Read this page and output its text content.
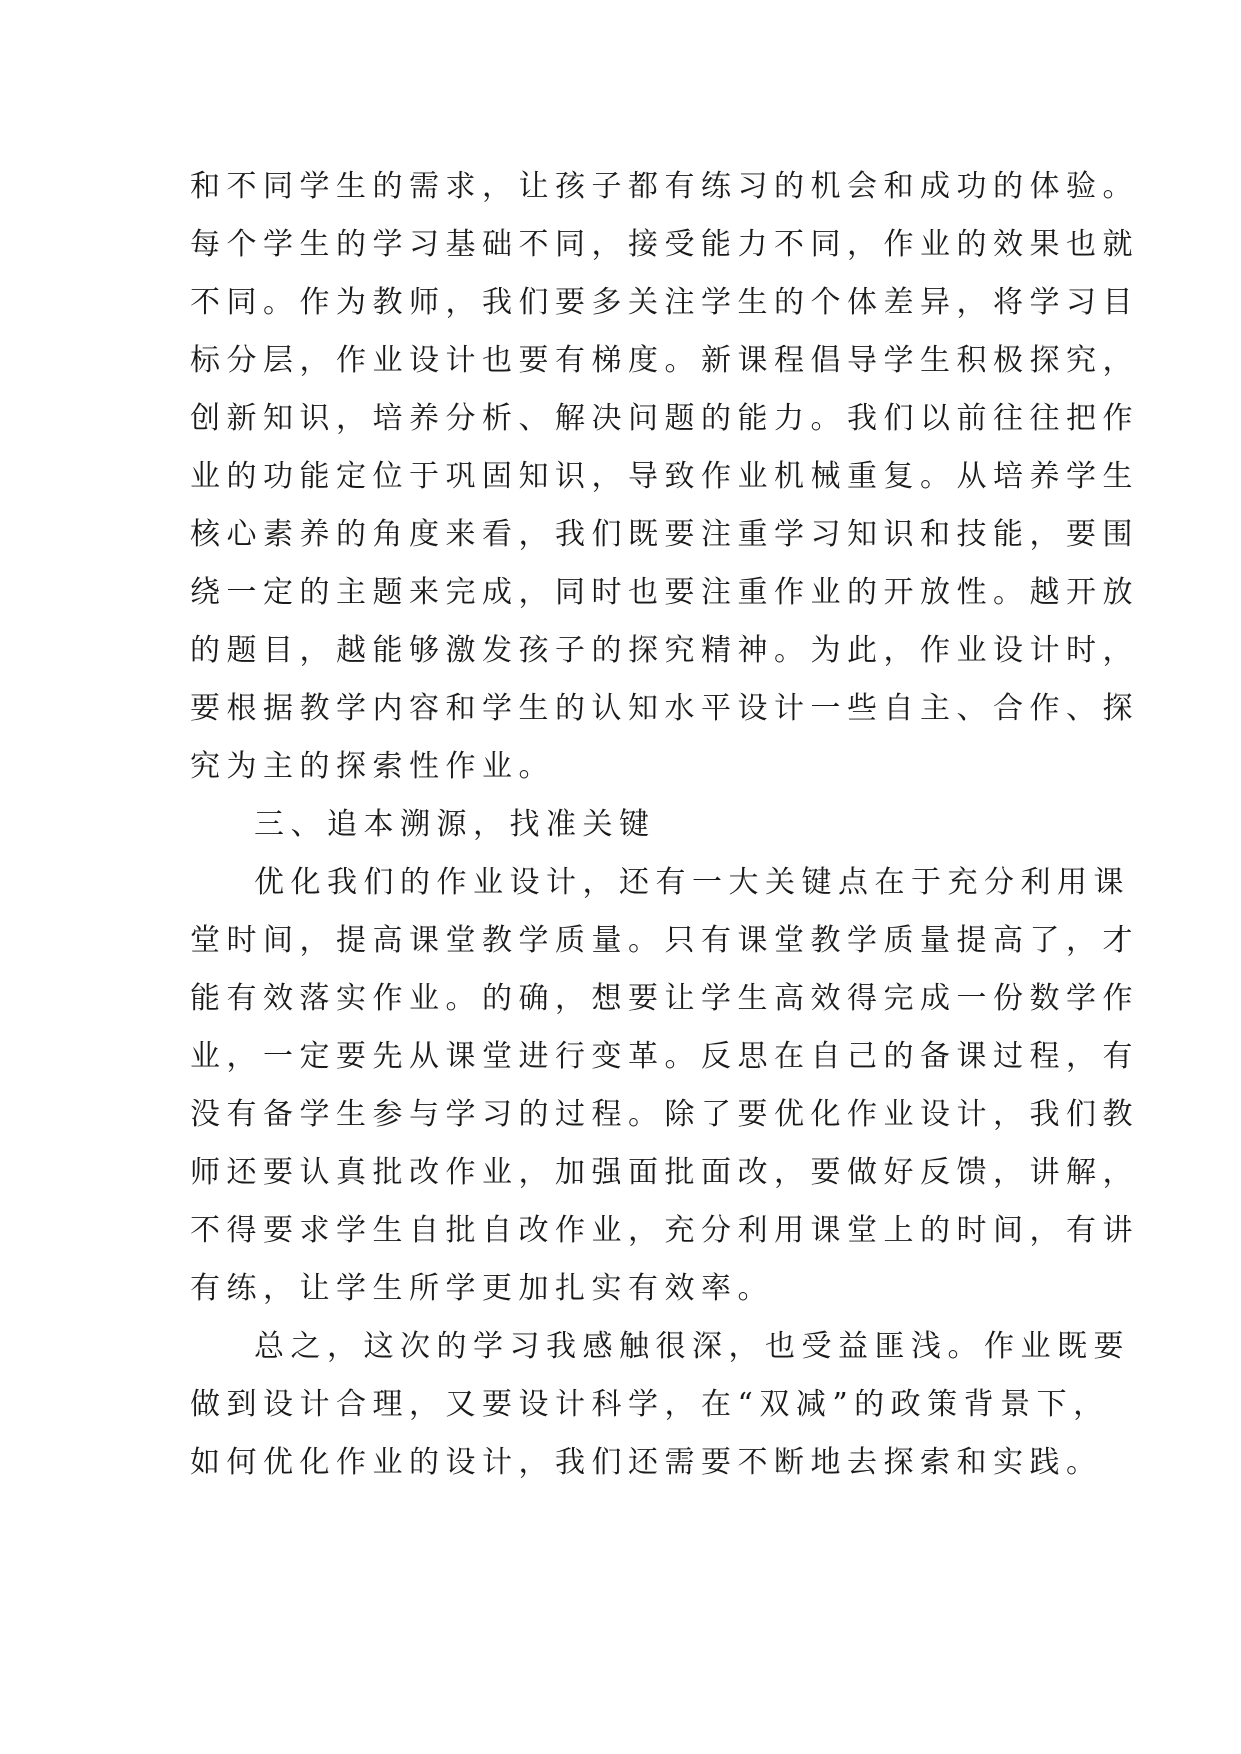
和不同学生的需求，让孩子都有练习的机会和成功的体验。

每个学生的学习基础不同，接受能力不同，作业的效果也就

不同。作为教师，我们要多关注学生的个体差异，将学习目

标分层，作业设计也要有梯度。新课程倡导学生积极探究，

创新知识，培养分析、解决问题的能力。我们以前往往把作

业的功能定位于巩固知识，导致作业机械重复。从培养学生

核心素养的角度来看，我们既要注重学习知识和技能，要围

绕一定的主题来完成，同时也要注重作业的开放性。越开放

的题目，越能够激发孩子的探究精神。为此，作业设计时，

要根据教学内容和学生的认知水平设计一些自主、合作、探

究为主的探索性作业。

三、追本溯源，找准关键

优化我们的作业设计，还有一大关键点在于充分利用课

堂时间，提高课堂教学质量。只有课堂教学质量提高了，才

能有效落实作业。的确，想要让学生高效得完成一份数学作

业，一定要先从课堂进行变革。反思在自己的备课过程，有

没有备学生参与学习的过程。除了要优化作业设计，我们教

师还要认真批改作业，加强面批面改，要做好反馈，讲解，

不得要求学生自批自改作业，充分利用课堂上的时间，有讲

有练，让学生所学更加扎实有效率。

总之，这次的学习我感触很深，也受益匪浅。作业既要

做到设计合理，又要设计科学，在“双减”的政策背景下，

如何优化作业的设计，我们还需要不断地去探索和实践。
